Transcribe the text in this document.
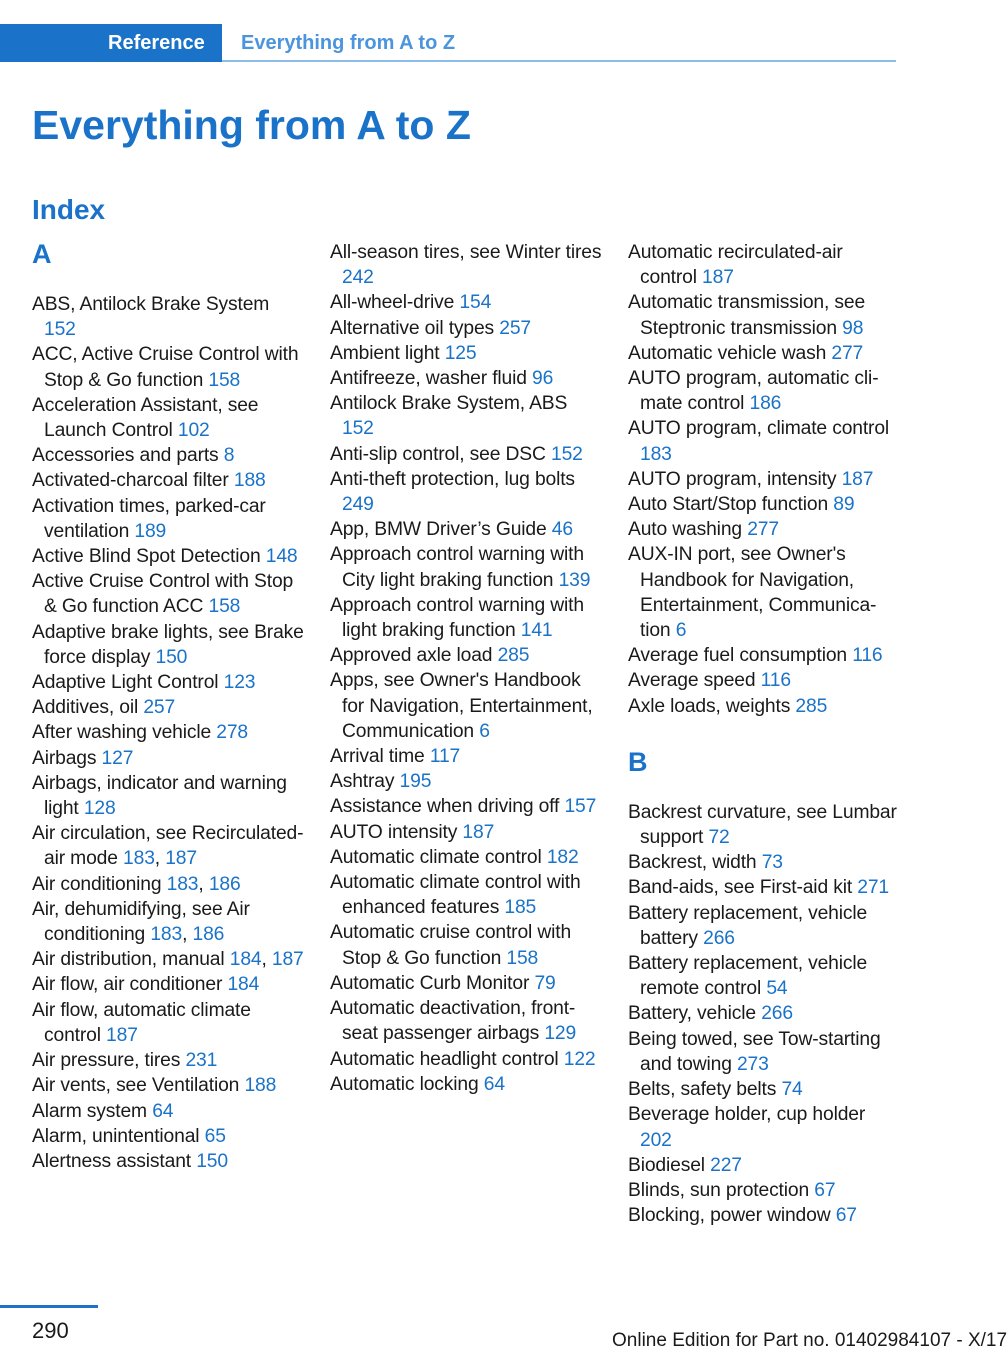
Reference	Everything from A to Z
Everything from A to Z
Index
A
ABS, Antilock Brake System 152
ACC, Active Cruise Control with Stop & Go function 158
Acceleration Assistant, see Launch Control 102
Accessories and parts 8
Activated-charcoal filter 188
Activation times, parked-car ventilation 189
Active Blind Spot Detection 148
Active Cruise Control with Stop & Go function ACC 158
Adaptive brake lights, see Brake force display 150
Adaptive Light Control 123
Additives, oil 257
After washing vehicle 278
Airbags 127
Airbags, indicator and warning light 128
Air circulation, see Recirculated-air mode 183, 187
Air conditioning 183, 186
Air, dehumidifying, see Air conditioning 183, 186
Air distribution, manual 184, 187
Air flow, air conditioner 184
Air flow, automatic climate control 187
Air pressure, tires 231
Air vents, see Ventilation 188
Alarm system 64
Alarm, unintentional 65
Alertness assistant 150
All-season tires, see Winter tires 242
All-wheel-drive 154
Alternative oil types 257
Ambient light 125
Antifreeze, washer fluid 96
Antilock Brake System, ABS 152
Anti-slip control, see DSC 152
Anti-theft protection, lug bolts 249
App, BMW Driver’s Guide 46
Approach control warning with City light braking function 139
Approach control warning with light braking function 141
Approved axle load 285
Apps, see Owner's Handbook for Navigation, Entertainment, Communication 6
Arrival time 117
Ashtray 195
Assistance when driving off 157
AUTO intensity 187
Automatic climate control 182
Automatic climate control with enhanced features 185
Automatic cruise control with Stop & Go function 158
Automatic Curb Monitor 79
Automatic deactivation, front-seat passenger airbags 129
Automatic headlight control 122
Automatic locking 64
Automatic recirculated-air control 187
Automatic transmission, see Steptronic transmission 98
Automatic vehicle wash 277
AUTO program, automatic climate control 186
AUTO program, climate control 183
AUTO program, intensity 187
Auto Start/Stop function 89
Auto washing 277
AUX-IN port, see Owner's Handbook for Navigation, Entertainment, Communication 6
Average fuel consumption 116
Average speed 116
Axle loads, weights 285
B
Backrest curvature, see Lumbar support 72
Backrest, width 73
Band-aids, see First-aid kit 271
Battery replacement, vehicle battery 266
Battery replacement, vehicle remote control 54
Battery, vehicle 266
Being towed, see Tow-starting and towing 273
Belts, safety belts 74
Beverage holder, cup holder 202
Biodiesel 227
Blinds, sun protection 67
Blocking, power window 67
290	Online Edition for Part no. 01402984107 - X/17
